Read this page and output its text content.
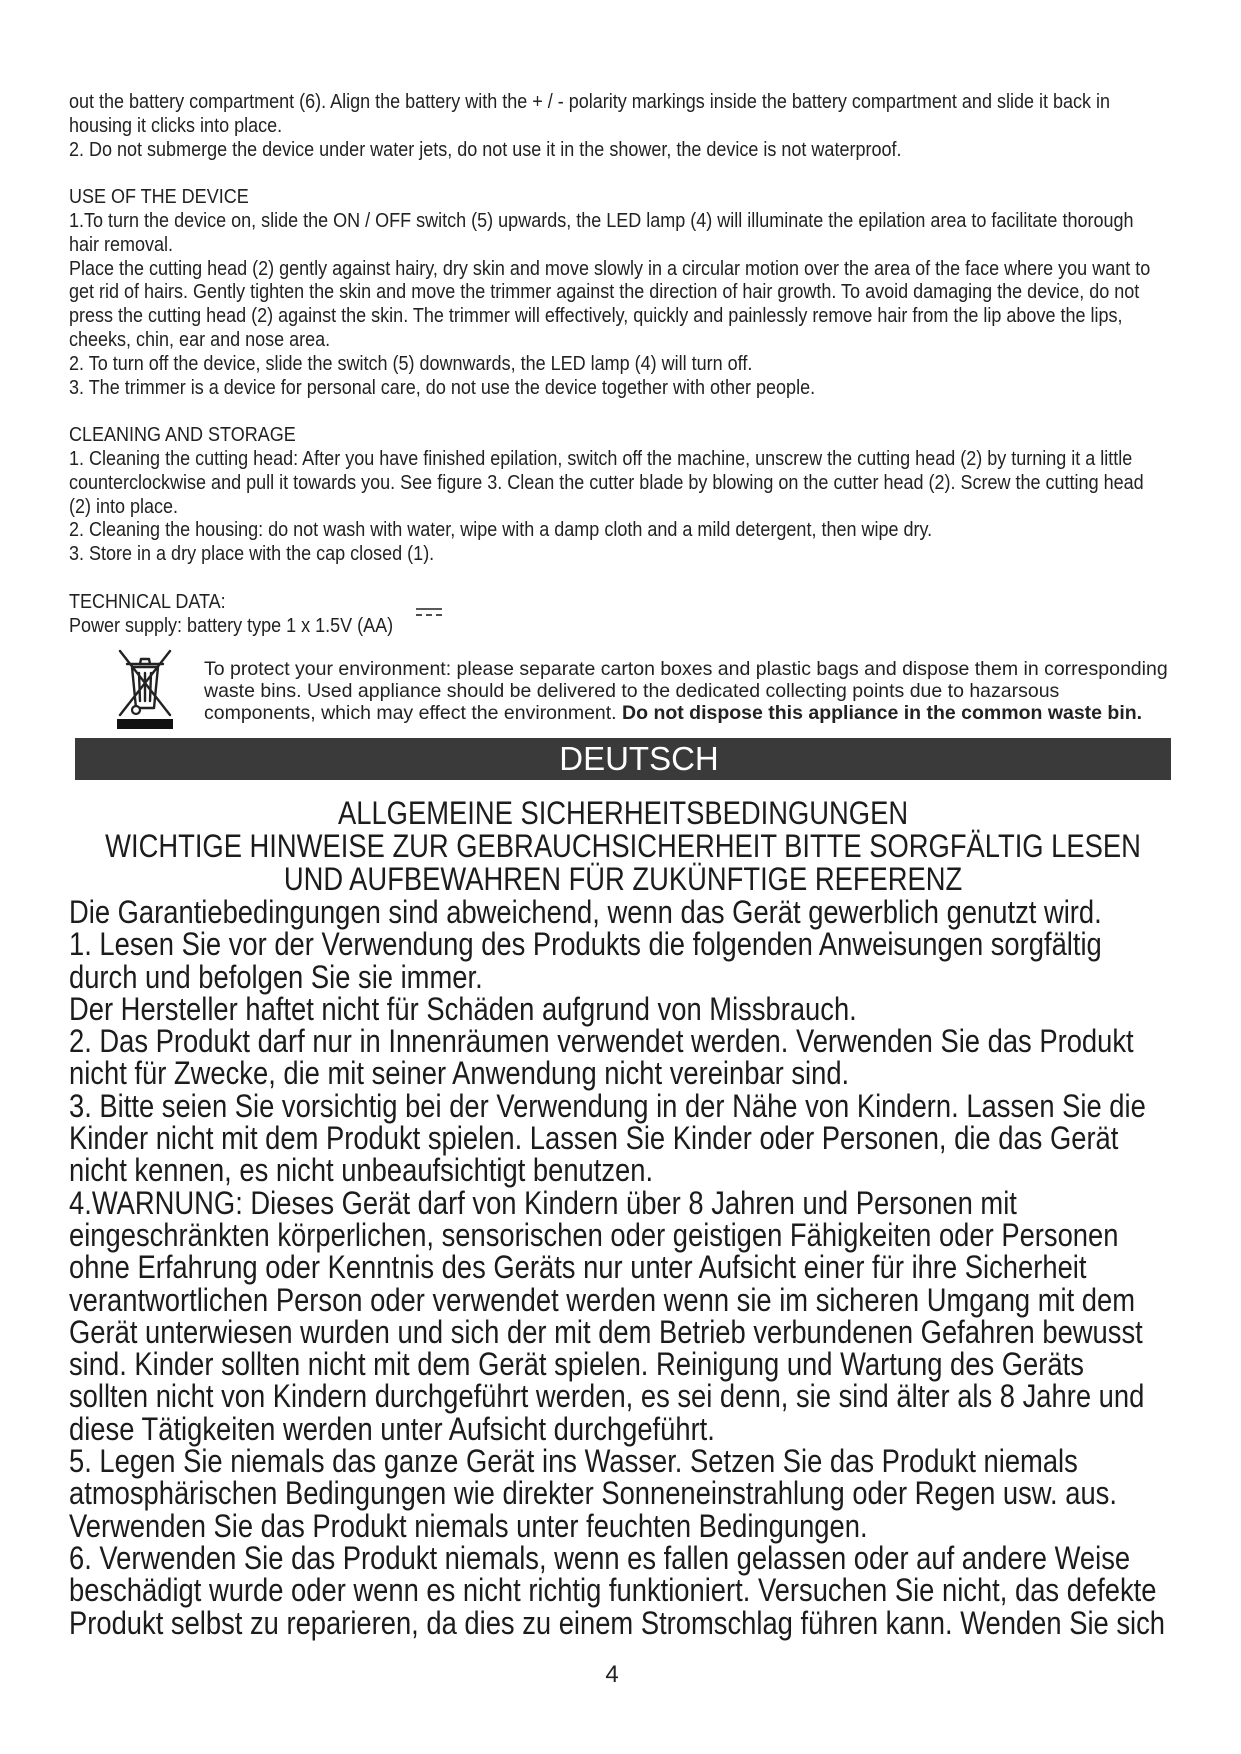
out the battery compartment (6). Align the battery with the + / - polarity markings inside the battery compartment and slide it back in
housing it clicks into place.
2. Do not submerge the device under water jets, do not use it in the shower, the device is not waterproof.
USE OF THE DEVICE
1.To turn the device on, slide the ON / OFF switch (5) upwards, the LED lamp (4) will illuminate the epilation area to facilitate thorough
hair removal.
Place the cutting head (2) gently against hairy, dry skin and move slowly in a circular motion over the area of the face where you want to
get rid of hairs. Gently tighten the skin and move the trimmer against the direction of hair growth. To avoid damaging the device, do not
press the cutting head (2) against the skin. The trimmer will effectively, quickly and painlessly remove hair from the lip above the lips,
cheeks, chin, ear and nose area.
2. To turn off the device, slide the switch (5) downwards, the LED lamp (4) will turn off.
3. The trimmer is a device for personal care, do not use the device together with other people.
CLEANING AND STORAGE
1. Cleaning the cutting head: After you have finished epilation, switch off the machine, unscrew the cutting head (2) by turning it a little
counterclockwise and pull it towards you. See figure 3. Clean the cutter blade by blowing on the cutter head (2). Screw the cutting head
(2) into place.
2. Cleaning the housing: do not wash with water, wipe with a damp cloth and a mild detergent, then wipe dry.
3. Store in a dry place with the cap closed (1).
TECHNICAL DATA:
Power supply: battery type 1 x 1.5V (AA)
To protect your environment: please separate carton boxes and plastic bags and dispose them in corresponding
waste bins. Used appliance should be delivered to the dedicated collecting points due to hazarsous
components, which may effect the environment. Do not dispose this appliance in the common waste bin.
DEUTSCH
ALLGEMEINE SICHERHEITSBEDINGUNGEN
WICHTIGE HINWEISE ZUR GEBRAUCHSICHERHEIT BITTE SORGFÄLTIG LESEN
UND AUFBEWAHREN FÜR ZUKÜNFTIGE REFERENZ
Die Garantiebedingungen sind abweichend, wenn das Gerät gewerblich genutzt wird.
1. Lesen Sie vor der Verwendung des Produkts die folgenden Anweisungen sorgfältig
durch und befolgen Sie sie immer.
Der Hersteller haftet nicht für Schäden aufgrund von Missbrauch.
2. Das Produkt darf nur in Innenräumen verwendet werden. Verwenden Sie das Produkt
nicht für Zwecke, die mit seiner Anwendung nicht vereinbar sind.
3. Bitte seien Sie vorsichtig bei der Verwendung in der Nähe von Kindern. Lassen Sie die
Kinder nicht mit dem Produkt spielen. Lassen Sie Kinder oder Personen, die das Gerät
nicht kennen, es nicht unbeaufsichtigt benutzen.
4.WARNUNG: Dieses Gerät darf von Kindern über 8 Jahren und Personen mit
eingeschränkten körperlichen, sensorischen oder geistigen Fähigkeiten oder Personen
ohne Erfahrung oder Kenntnis des Geräts nur unter Aufsicht einer für ihre Sicherheit
verantwortlichen Person oder verwendet werden wenn sie im sicheren Umgang mit dem
Gerät unterwiesen wurden und sich der mit dem Betrieb verbundenen Gefahren bewusst
sind. Kinder sollten nicht mit dem Gerät spielen. Reinigung und Wartung des Geräts
sollten nicht von Kindern durchgeführt werden, es sei denn, sie sind älter als 8 Jahre und
diese Tätigkeiten werden unter Aufsicht durchgeführt.
5. Legen Sie niemals das ganze Gerät ins Wasser. Setzen Sie das Produkt niemals
atmosphärischen Bedingungen wie direkter Sonneneinstrahlung oder Regen usw. aus.
Verwenden Sie das Produkt niemals unter feuchten Bedingungen.
6. Verwenden Sie das Produkt niemals, wenn es fallen gelassen oder auf andere Weise
beschädigt wurde oder wenn es nicht richtig funktioniert. Versuchen Sie nicht, das defekte
Produkt selbst zu reparieren, da dies zu einem Stromschlag führen kann. Wenden Sie sich
4
